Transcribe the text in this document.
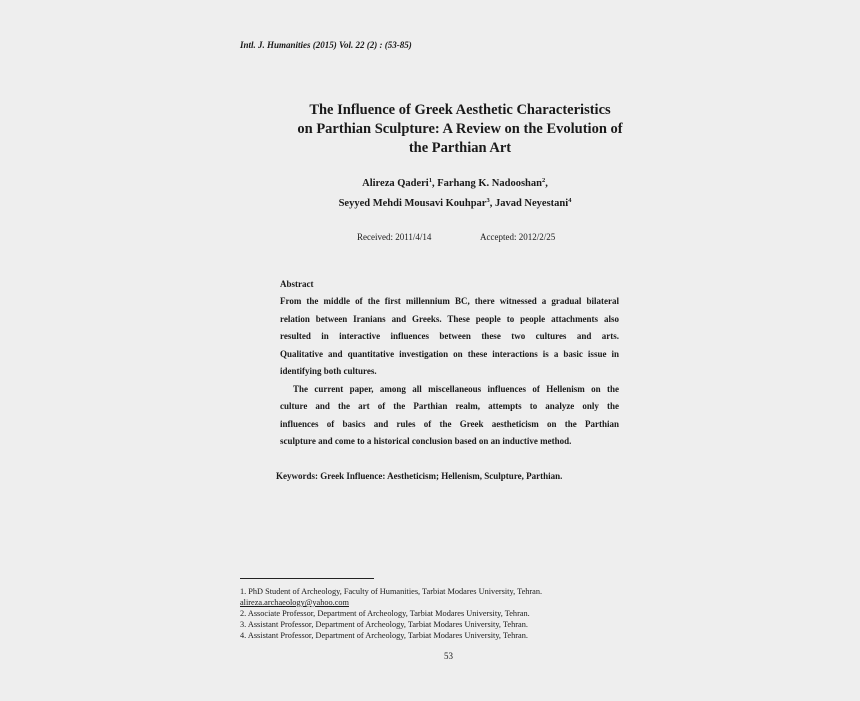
Intl. J. Humanities (2015) Vol. 22 (2) : (53-85)
The Influence of Greek Aesthetic Characteristics
on Parthian Sculpture: A Review on the Evolution of
the Parthian Art
Alireza Qaderi$^1$, Farhang K. Nadooshan$^2$,
Seyyed Mehdi Mousavi Kouhpar$^3$, Javad Neyestani$^4$
Received: 2011/4/14	Accepted: 2012/2/25
Abstract
From the middle of the first millennium BC, there witnessed a gradual bilateral
relation between Iranians and Greeks. These people to people attachments also
resulted in interactive influences between these two cultures and arts.
Qualitative and quantitative investigation on these interactions is a basic issue in
identifying both cultures.
The current paper, among all miscellaneous influences of Hellenism on the
culture and the art of the Parthian realm, attempts to analyze only the
influences of basics and rules of the Greek aestheticism on the Parthian
sculpture and come to a historical conclusion based on an inductive method.
Keywords: Greek Influence: Aestheticism; Hellenism, Sculpture, Parthian.
1. PhD Student of Archeology, Faculty of Humanities, Tarbiat Modares University, Tehran.
alireza.archaeology@yahoo.com
2. Associate Professor, Department of Archeology, Tarbiat Modares University, Tehran.
3. Assistant Professor, Department of Archeology, Tarbiat Modares University, Tehran.
4. Assistant Professor, Department of Archeology, Tarbiat Modares University, Tehran.
53
